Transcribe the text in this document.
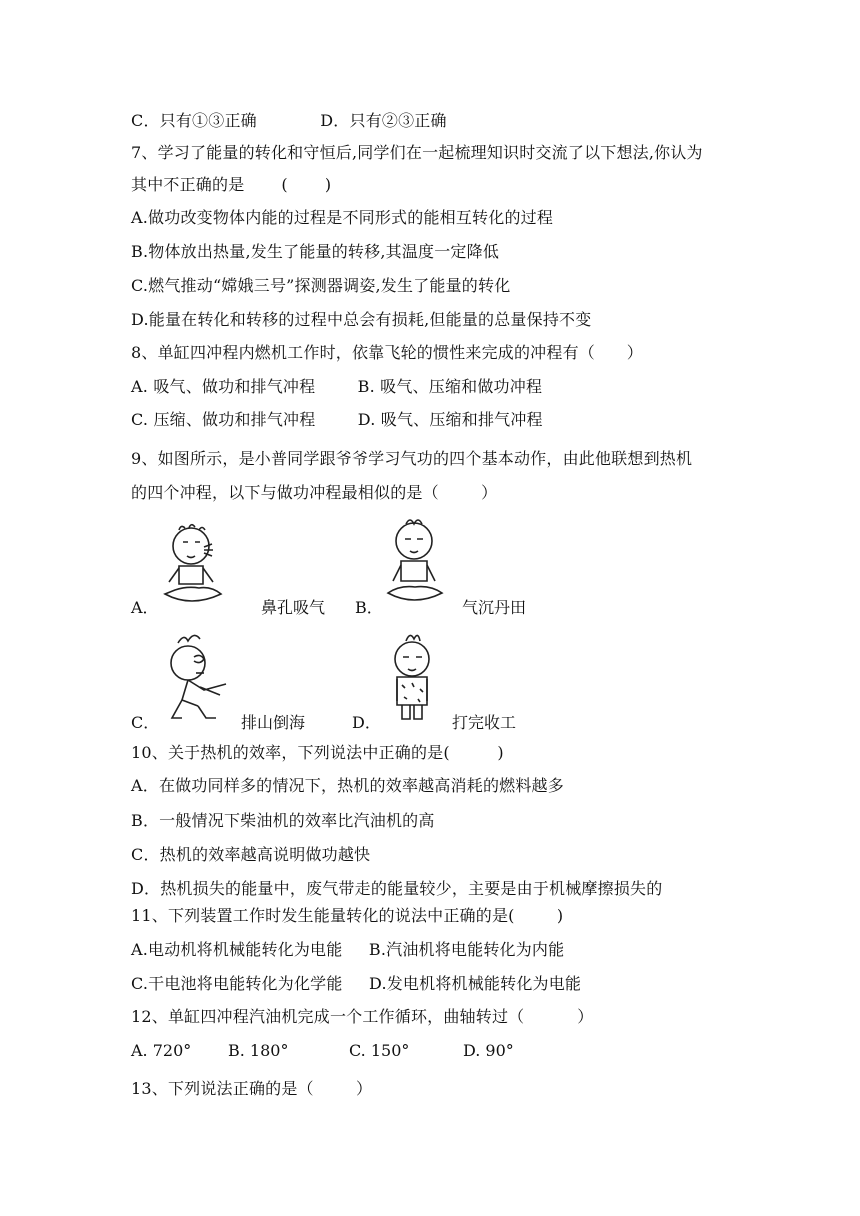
C．只有①③正确            D．只有②③正确
7、学习了能量的转化和守恒后,同学们在一起梳理知识时交流了以下想法,你认为
其中不正确的是       (       )
A.做功改变物体内能的过程是不同形式的能相互转化的过程
B.物体放出热量,发生了能量的转移,其温度一定降低
C.燃气推动“嫦娥三号”探测器调姿,发生了能量的转化
D.能量在转化和转移的过程中总会有损耗,但能量的总量保持不变
8、单缸四冲程内燃机工作时，依靠飞轮的惯性来完成的冲程有（      ）
A. 吸气、做功和排气冲程        B. 吸气、压缩和做功冲程
C. 压缩、做功和排气冲程        D. 吸气、压缩和排气冲程
9、如图所示，是小普同学跟爷爷学习气功的四个基本动作，由此他联想到热机
的四个冲程，以下与做功冲程最相似的是（        ）
A．	鼻孔吸气 B．	气沉丹田
C．	排山倒海	D．	打完收工
10、关于热机的效率，下列说法中正确的是(         )
A．在做功同样多的情况下，热机的效率越高消耗的燃料越多
B．一般情况下柴油机的效率比汽油机的高
C．热机的效率越高说明做功越快
D．热机损失的能量中，废气带走的能量较少，主要是由于机械摩擦损失的
11、下列装置工作时发生能量转化的说法中正确的是(        )
A.电动机将机械能转化为电能     B.汽油机将电能转化为内能
C.干电池将电能转化为化学能     D.发电机将机械能转化为电能
12、单缸四冲程汽油机完成一个工作循环，曲轴转过（          ）
A. 720° B. 180°	C. 150°	D. 90°
13、下列说法正确的是（        ）
